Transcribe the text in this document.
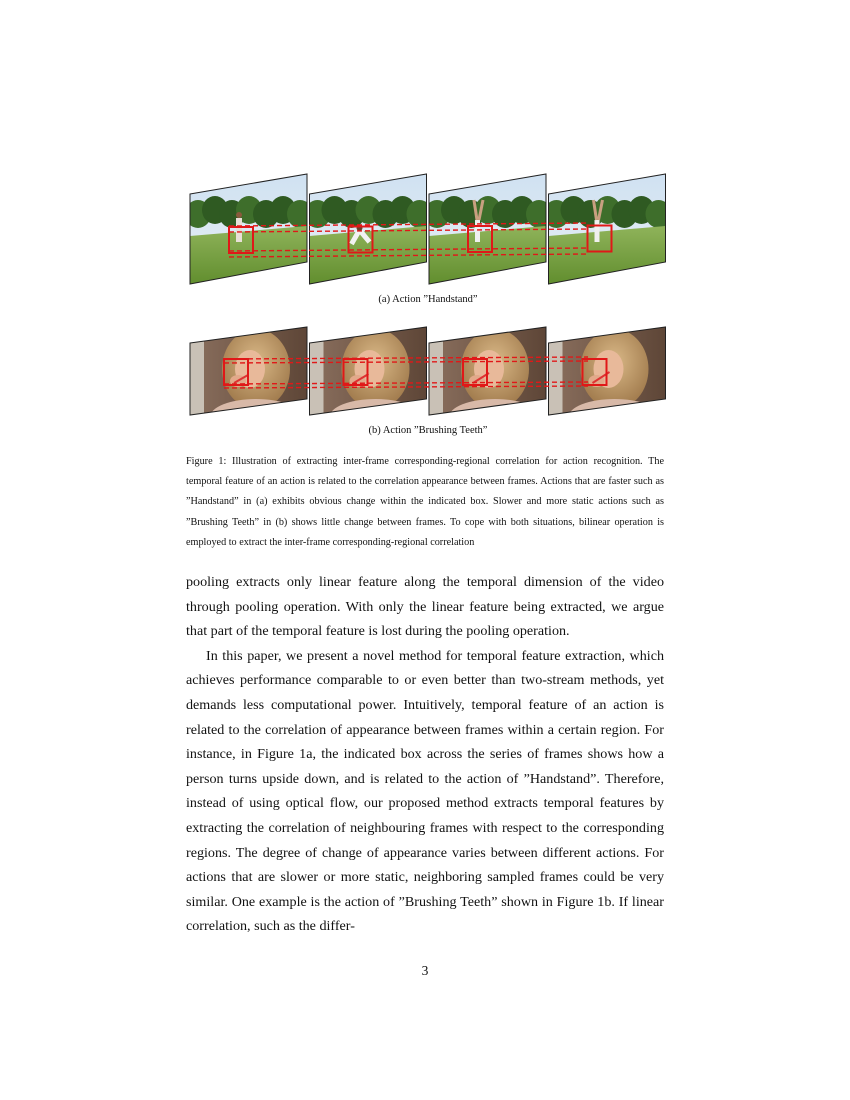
(a) Action ”Handstand”
(b) Action ”Brushing Teeth”
Figure 1: Illustration of extracting inter-frame corresponding-regional correlation for action recognition. The temporal feature of an action is related to the correlation appearance between frames. Actions that are faster such as ”Handstand” in (a) exhibits obvious change within the indicated box. Slower and more static actions such as ”Brushing Teeth” in (b) shows little change between frames. To cope with both situations, bilinear operation is employed to extract the inter-frame corresponding-regional correlation

pooling extracts only linear feature along the temporal dimension of the video through pooling operation. With only the linear feature being extracted, we argue that part of the temporal feature is lost during the pooling operation.

In this paper, we present a novel method for temporal feature extraction, which achieves performance comparable to or even better than two-stream methods, yet demands less computational power. Intuitively, temporal feature of an action is related to the correlation of appearance between frames within a certain region. For instance, in Figure 1a, the indicated box across the series of frames shows how a person turns upside down, and is related to the action of ”Handstand”. Therefore, instead of using optical flow, our proposed method extracts temporal features by extracting the correlation of neighbouring frames with respect to the corresponding regions. The degree of change of appearance varies between different actions. For actions that are slower or more static, neighboring sampled frames could be very similar. One example is the action of ”Brushing Teeth” shown in Figure 1b. If linear correlation, such as the differ-

3
